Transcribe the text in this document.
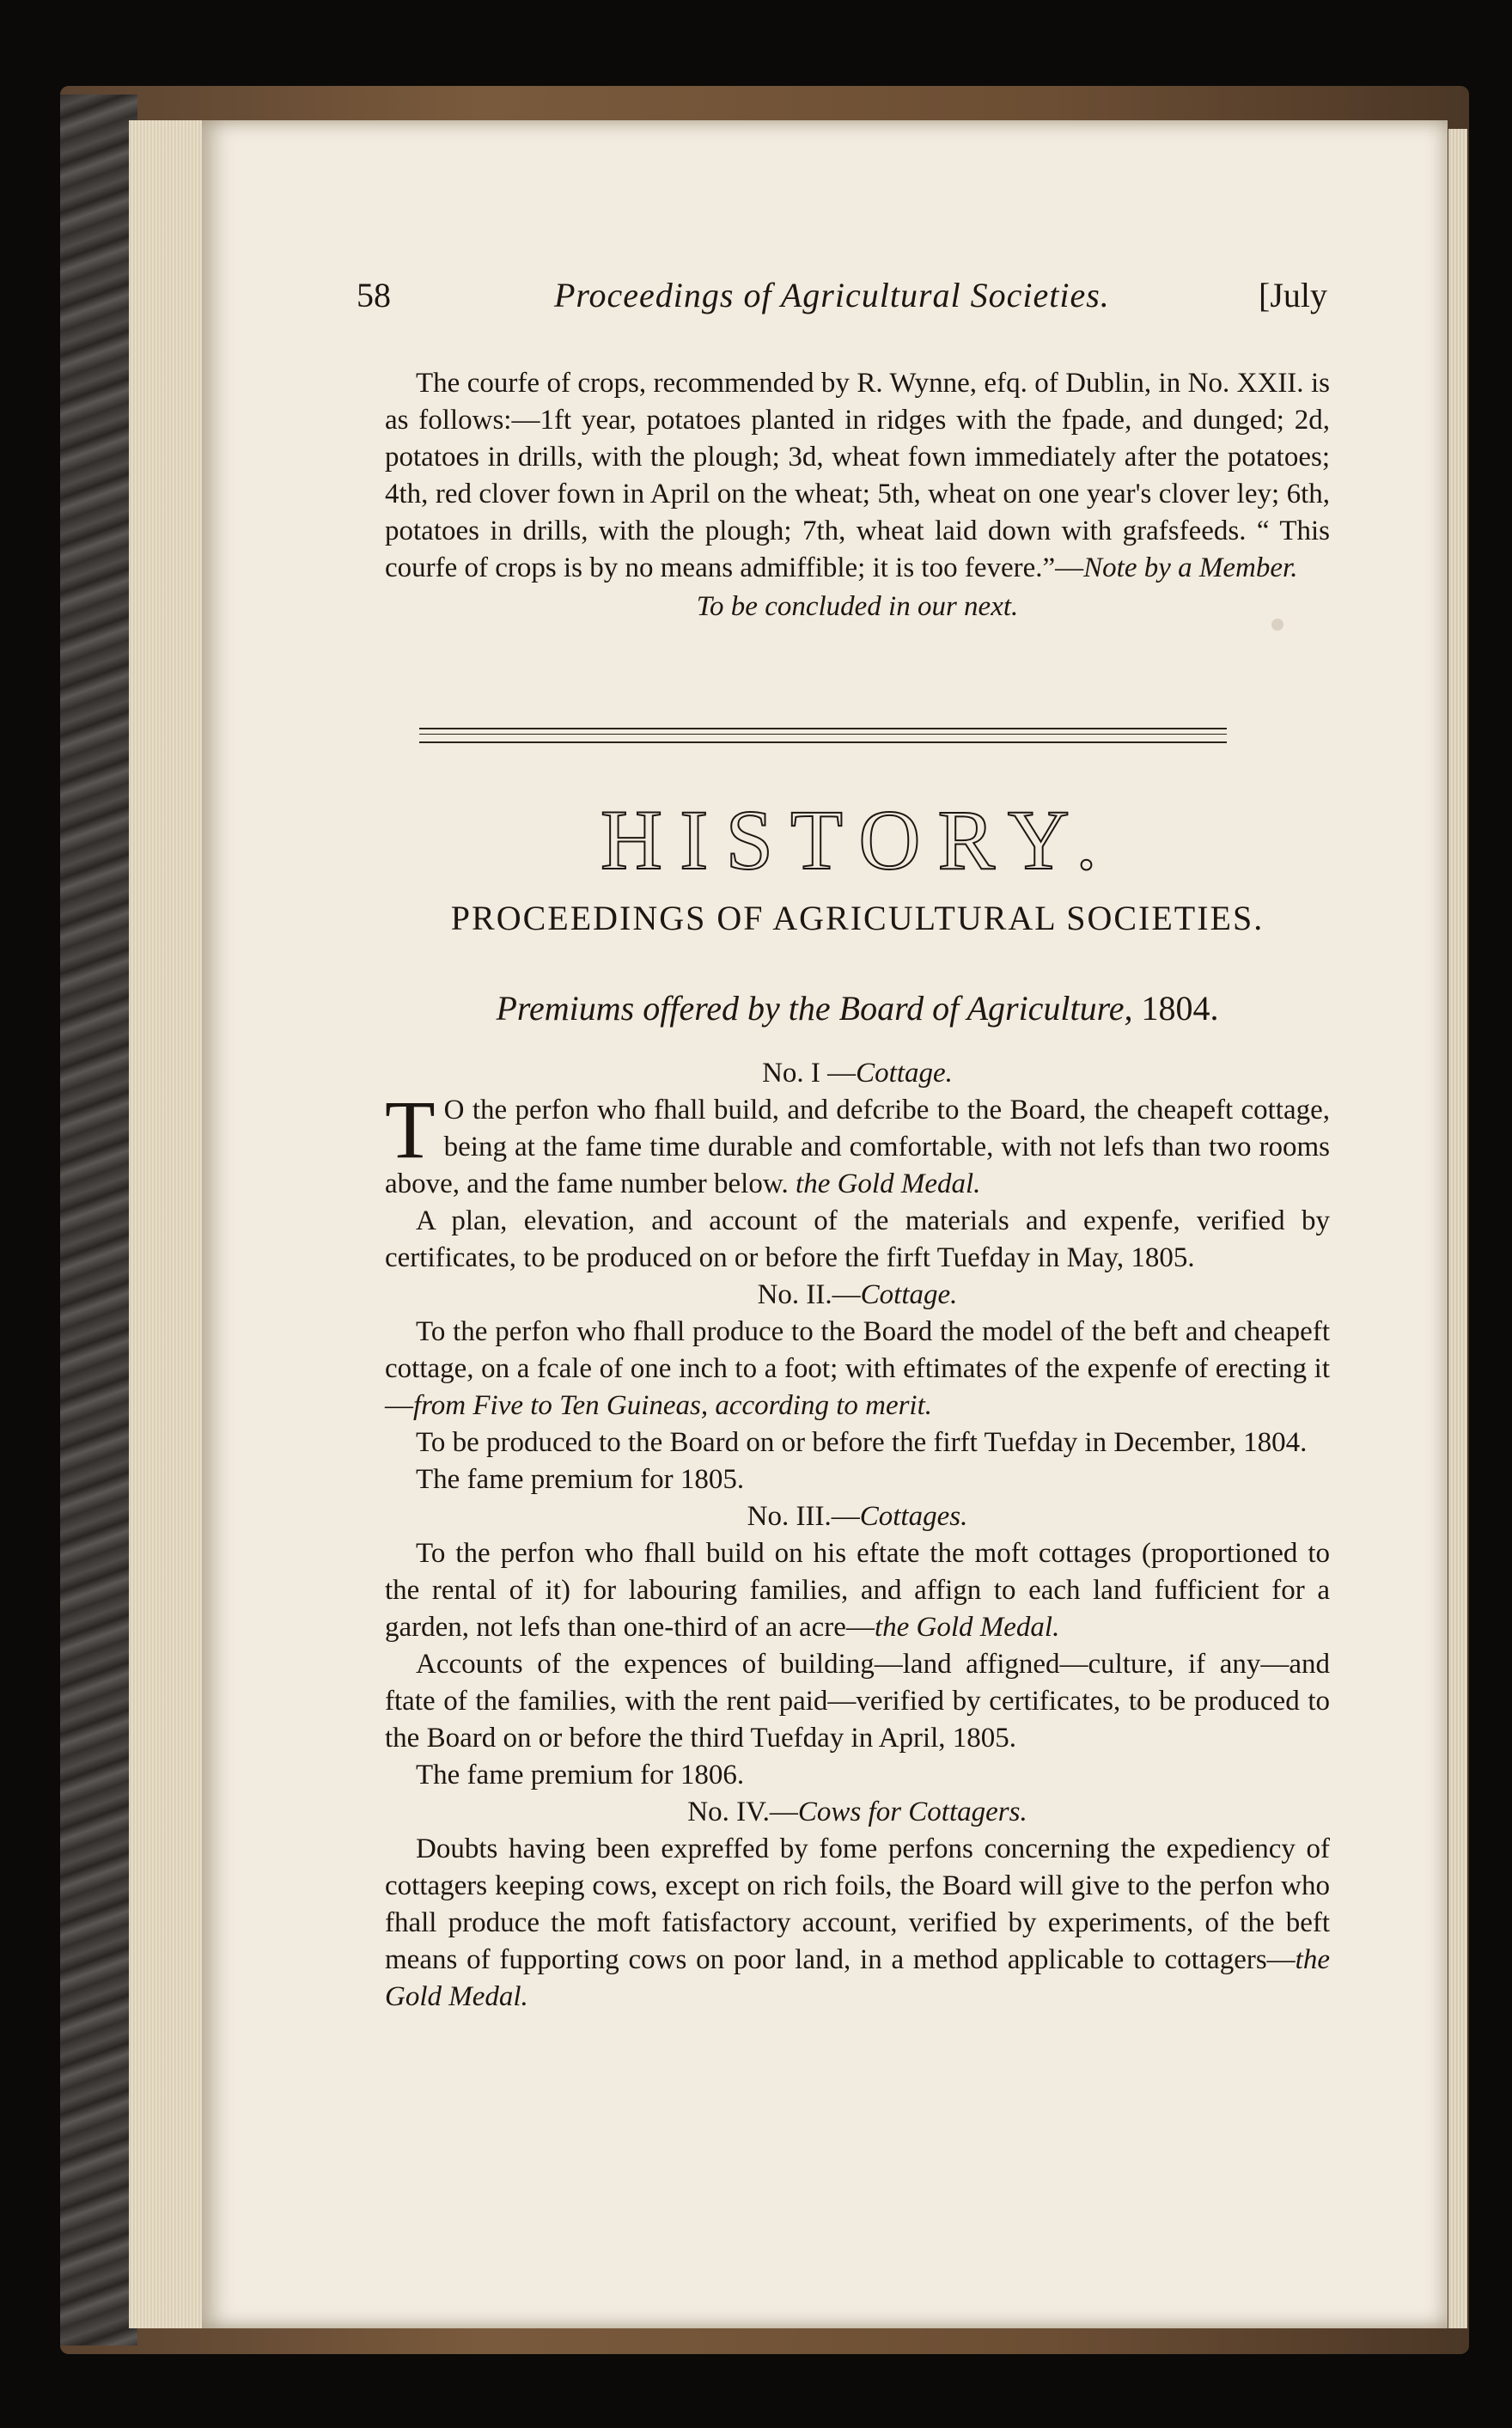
58	Proceedings of Agricultural Societies.	[July

The courfe of crops, recommended by R. Wynne, efq. of Dublin, in No. XXII. is as follows:—1ft year, potatoes planted in ridges with the fpade, and dunged; 2d, potatoes in drills, with the plough; 3d, wheat fown immediately after the potatoes; 4th, red clover fown in April on the wheat; 5th, wheat on one year's clover ley; 6th, potatoes in drills, with the plough; 7th, wheat laid down with grafsfeeds. “ This courfe of crops is by no means admiffible; it is too fevere.”—Note by a Member.

To be concluded in our next.

HISTORY.
PROCEEDINGS OF AGRICULTURAL SOCIETIES.
Premiums offered by the Board of Agriculture, 1804.

No. I —Cottage.

T O the perfon who fhall build, and defcribe to the Board, the cheapeft cottage, being at the fame time durable and comfortable, with not lefs than two rooms above, and the fame number below. the Gold Medal.

A plan, elevation, and account of the materials and expenfe, verified by certificates, to be produced on or before the firft Tuefday in May, 1805.

No. II.—Cottage.

To the perfon who fhall produce to the Board the model of the beft and cheapeft cottage, on a fcale of one inch to a foot; with eftimates of the expenfe of erecting it—from Five to Ten Guineas, according to merit.

To be produced to the Board on or before the firft Tuefday in December, 1804.

The fame premium for 1805.

No. III.—Cottages.

To the perfon who fhall build on his eftate the moft cottages (proportioned to the rental of it) for labouring families, and affign to each land fufficient for a garden, not lefs than one-third of an acre—the Gold Medal.

Accounts of the expences of building—land affigned—culture, if any—and ftate of the families, with the rent paid—verified by certificates, to be produced to the Board on or before the third Tuefday in April, 1805.

The fame premium for 1806.

No. IV.—Cows for Cottagers.

Doubts having been expreffed by fome perfons concerning the expediency of cottagers keeping cows, except on rich foils, the Board will give to the perfon who fhall produce the moft fatisfactory account, verified by experiments, of the beft means of fupporting cows on poor land, in a method applicable to cottagers—the Gold Medal.
